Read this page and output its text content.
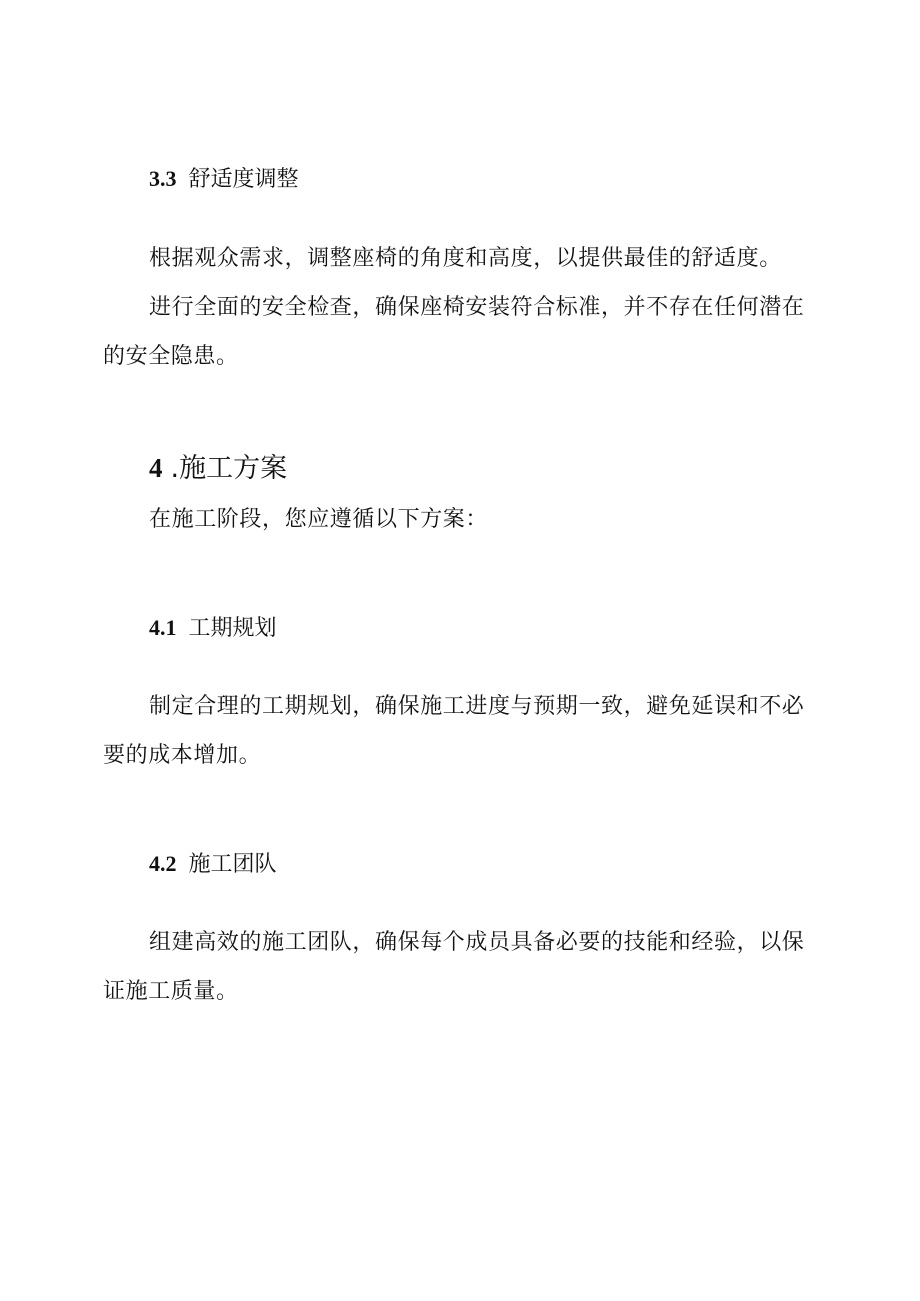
3.3 舒适度调整

根据观众需求，调整座椅的角度和高度，以提供最佳的舒适度。

进行全面的安全检查，确保座椅安装符合标准，并不存在任何潜在的安全隐患。

4 .施工方案

在施工阶段，您应遵循以下方案：

4.1 工期规划

制定合理的工期规划，确保施工进度与预期一致，避免延误和不必要的成本增加。

4.2 施工团队

组建高效的施工团队，确保每个成员具备必要的技能和经验，以保证施工质量。
